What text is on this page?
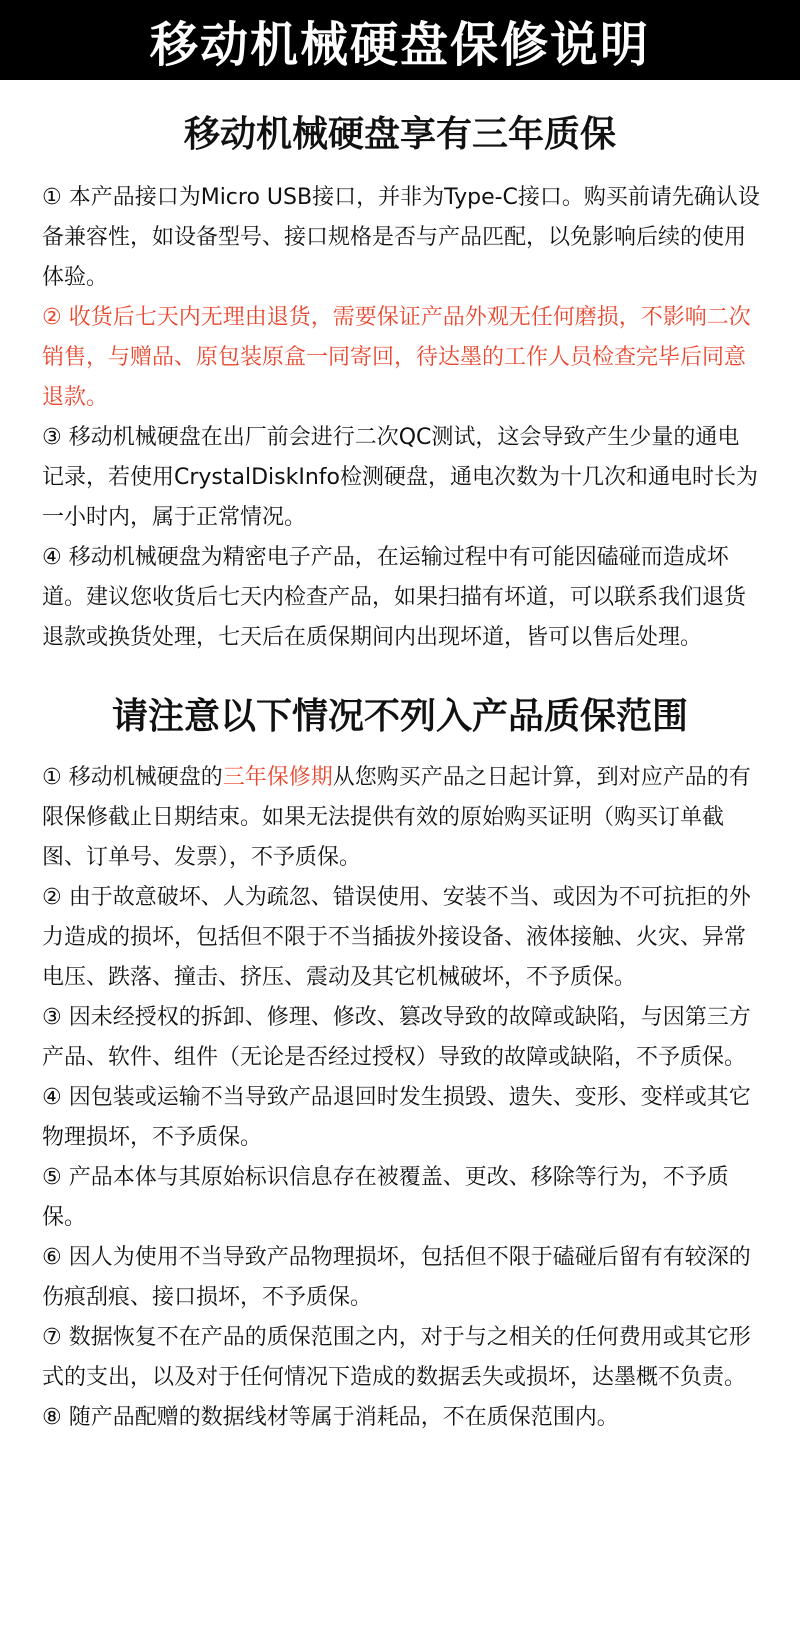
移动机械硬盘保修说明
移动机械硬盘享有三年质保

① 本产品接口为Micro USB接口，并非为Type-C接口。购买前请先确认设备兼容性，如设备型号、接口规格是否与产品匹配，以免影响后续的使用体验。

② 收货后七天内无理由退货，需要保证产品外观无任何磨损，不影响二次销售，与赠品、原包装原盒一同寄回，待达墨的工作人员检查完毕后同意退款。

③ 移动机械硬盘在出厂前会进行二次QC测试，这会导致产生少量的通电记录，若使用CrystalDiskInfo检测硬盘，通电次数为十几次和通电时长为一小时内，属于正常情况。

④ 移动机械硬盘为精密电子产品，在运输过程中有可能因磕碰而造成坏道。建议您收货后七天内检查产品，如果扫描有坏道，可以联系我们退货退款或换货处理，七天后在质保期间内出现坏道，皆可以售后处理。

请注意以下情况不列入产品质保范围

① 移动机械硬盘的三年保修期从您购买产品之日起计算，到对应产品的有限保修截止日期结束。如果无法提供有效的原始购买证明（购买订单截图、订单号、发票），不予质保。

② 由于故意破坏、人为疏忽、错误使用、安装不当、或因为不可抗拒的外力造成的损坏，包括但不限于不当插拔外接设备、液体接触、火灾、异常电压、跌落、撞击、挤压、震动及其它机械破坏，不予质保。

③ 因未经授权的拆卸、修理、修改、篡改导致的故障或缺陷，与因第三方产品、软件、组件（无论是否经过授权）导致的故障或缺陷，不予质保。

④ 因包装或运输不当导致产品退回时发生损毁、遗失、变形、变样或其它物理损坏，不予质保。

⑤ 产品本体与其原始标识信息存在被覆盖、更改、移除等行为，不予质保。

⑥ 因人为使用不当导致产品物理损坏，包括但不限于磕碰后留有有较深的伤痕刮痕、接口损坏，不予质保。

⑦ 数据恢复不在产品的质保范围之内，对于与之相关的任何费用或其它形式的支出，以及对于任何情况下造成的数据丢失或损坏，达墨概不负责。

⑧ 随产品配赠的数据线材等属于消耗品，不在质保范围内。
